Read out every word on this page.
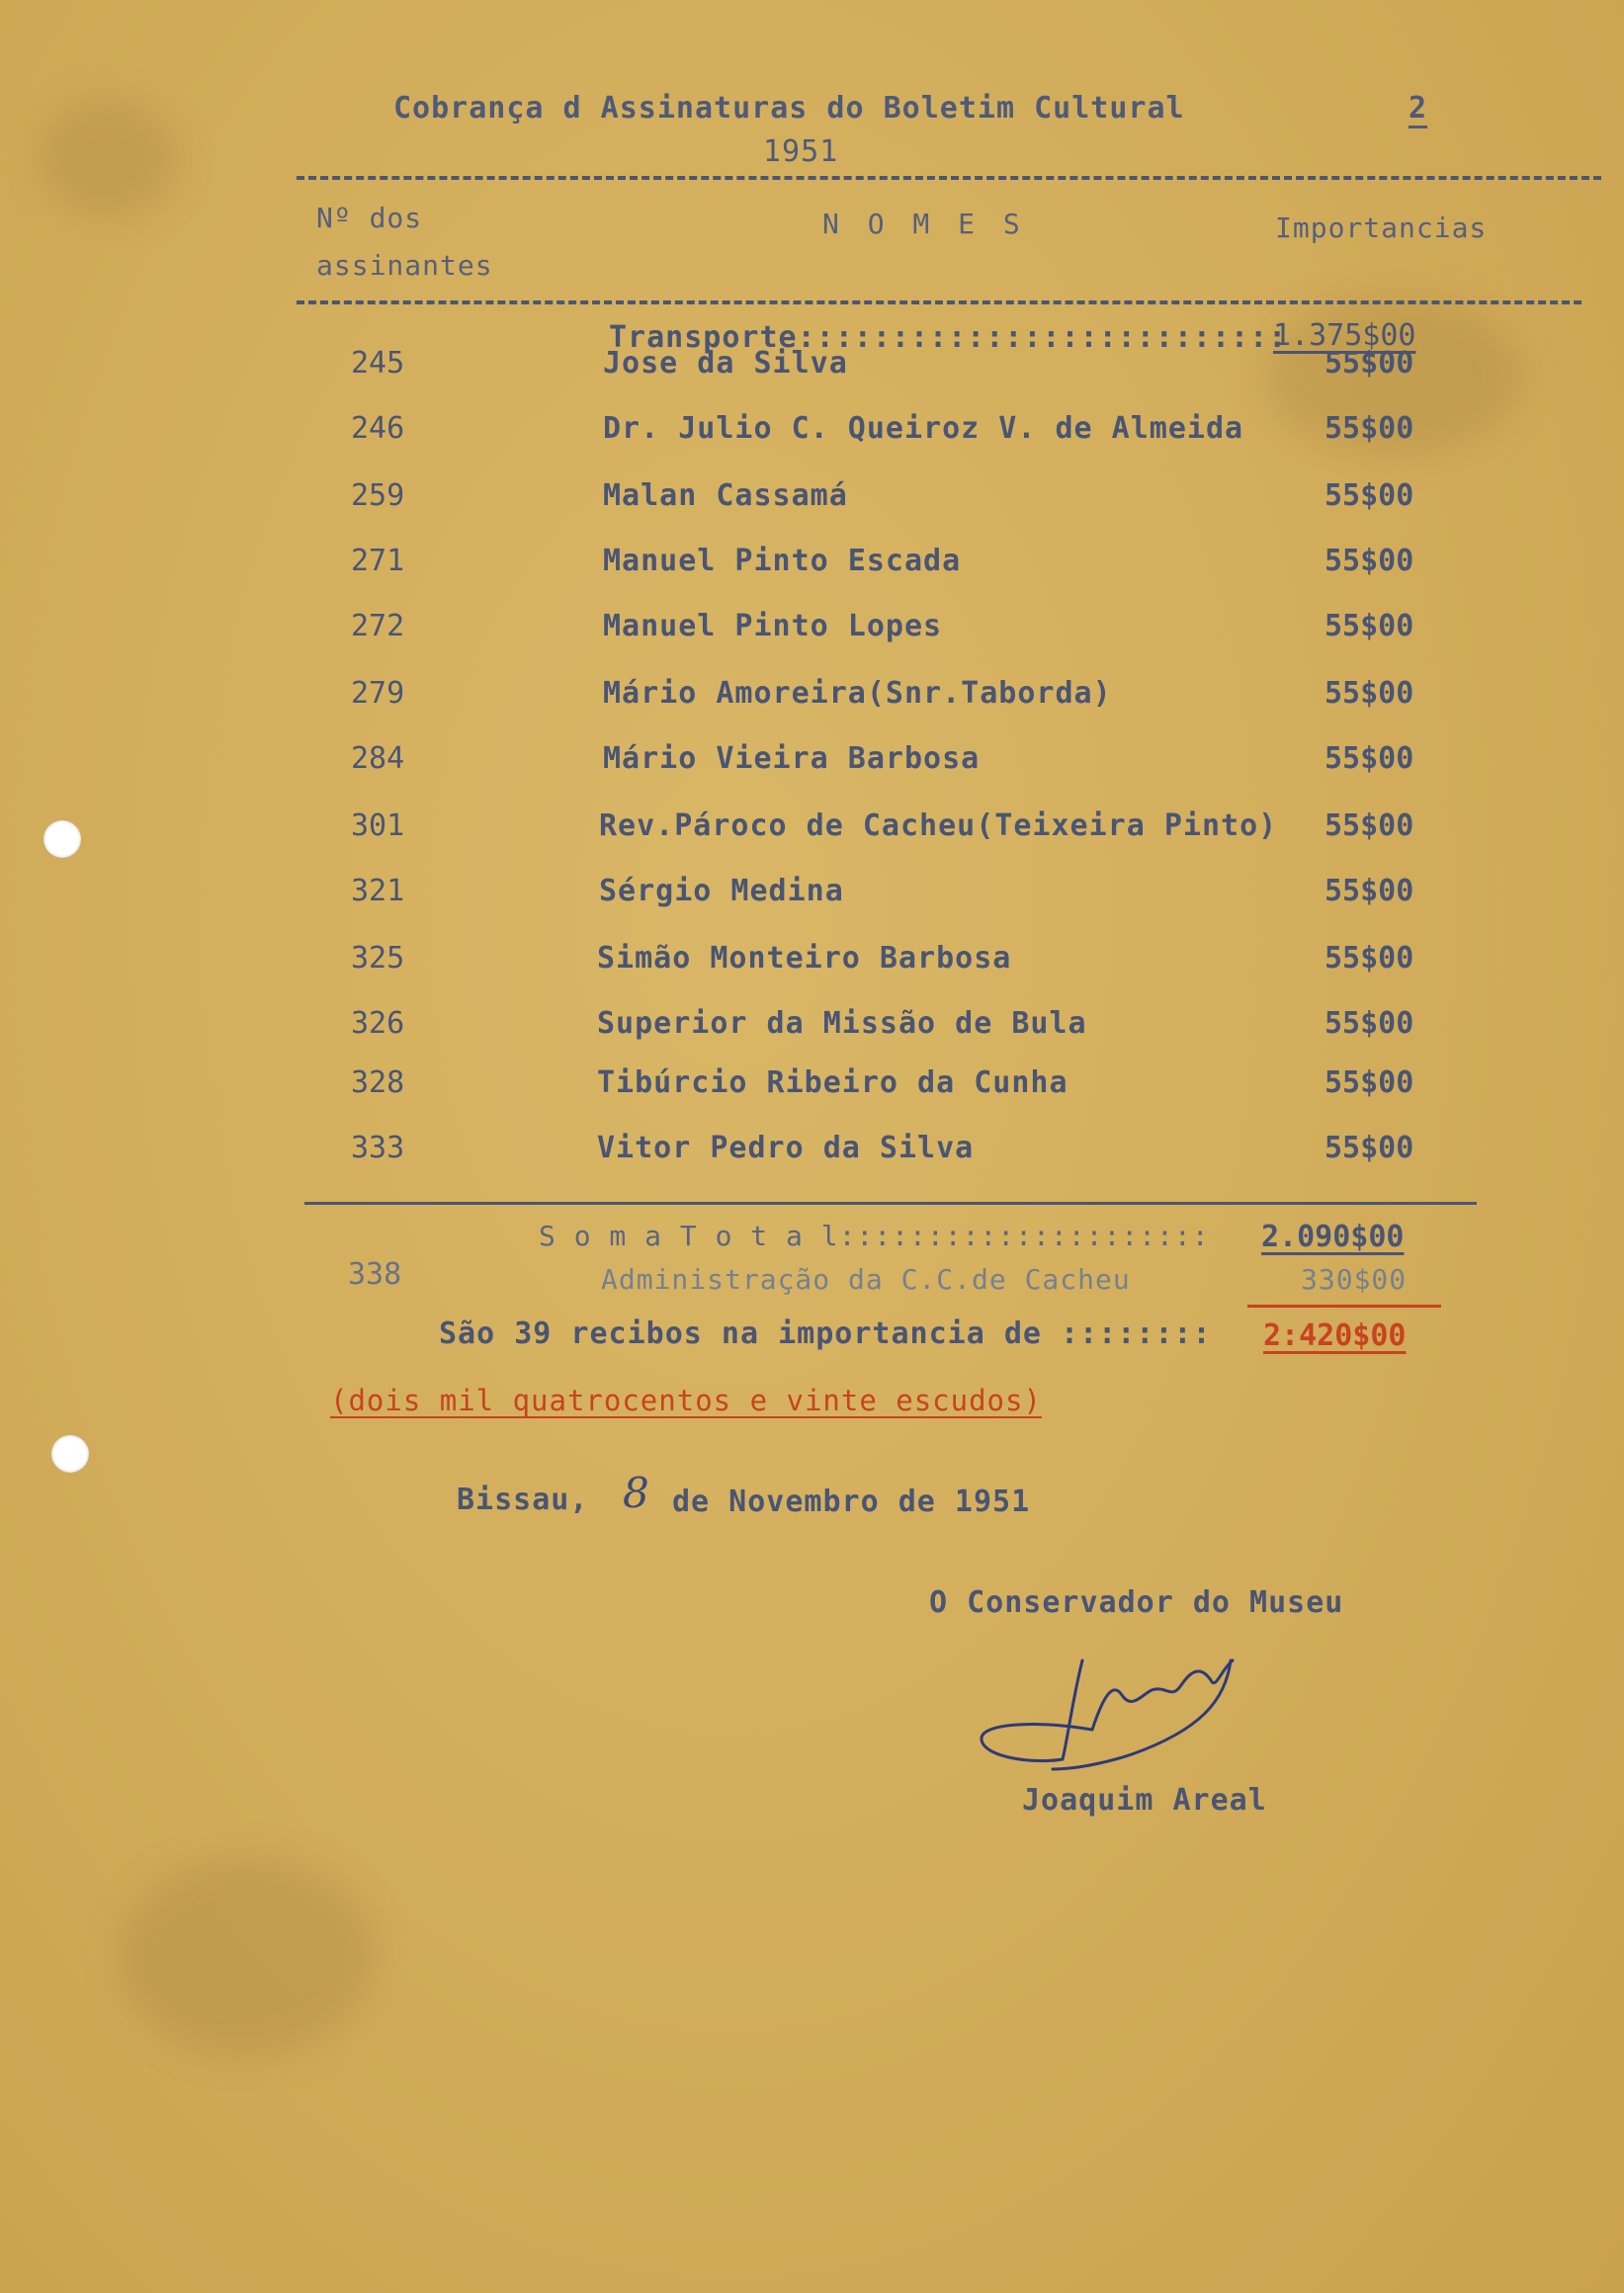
Cobrança d Assinaturas do Boletim Cultural	2
1951
Nº dos
assinantes
N O M E S	Importancias
Transporte::::::::::::::::::::::::::
1.375$00
245	Jose da Silva	55$00
246	Dr. Julio C. Queiroz V. de Almeida	55$00
259	Malan Cassamá	55$00
271	Manuel Pinto Escada	55$00
272	Manuel Pinto Lopes	55$00
279	Mário Amoreira(Snr.Taborda)	55$00
284	Mário Vieira Barbosa	55$00
301	Rev.Pároco de Cacheu(Teixeira Pinto) 55$00
321	Sérgio Medina	55$00
325	Simão Monteiro Barbosa	55$00
326	Superior da Missão de Bula	55$00
328	Tibúrcio Ribeiro da Cunha	55$00
333	Vitor Pedro da Silva	55$00
S o m a T o t a l::::::::::::::::::::: 2.090$00
338	Administração da C.C.de Cacheu	330$00
São 39 recibos na importancia de :::::::: 2:420$00
(dois mil quatrocentos e vinte escudos)
Bissau, 8 de Novembro de 1951
O Conservador do Museu
Joaquim Areal
